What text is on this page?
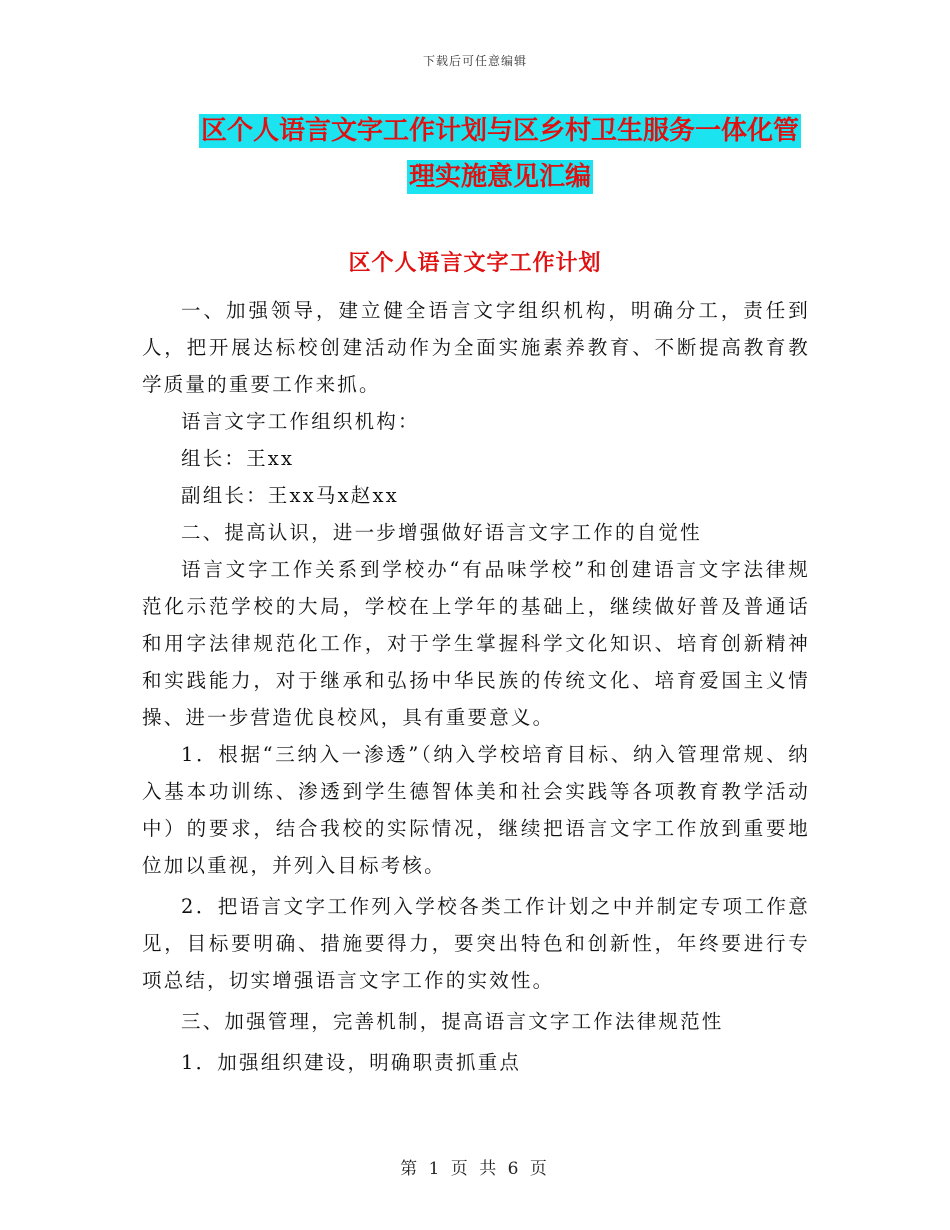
下载后可任意编辑
区个人语言文字工作计划与区乡村卫生服务一体化管
理实施意见汇编
区个人语言文字工作计划

一、加强领导，建立健全语言文字组织机构，明确分工，责任到人，把开展达标校创建活动作为全面实施素养教育、不断提高教育教学质量的重要工作来抓。

语言文字工作组织机构：

组长：王xx

副组长：王xx马x赵xx

二、提高认识，进一步增强做好语言文字工作的自觉性

语言文字工作关系到学校办“有品味学校”和创建语言文字法律规范化示范学校的大局，学校在上学年的基础上，继续做好普及普通话和用字法律规范化工作，对于学生掌握科学文化知识、培育创新精神和实践能力，对于继承和弘扬中华民族的传统文化、培育爱国主义情操、进一步营造优良校风，具有重要意义。

1．根据“三纳入一渗透”（纳入学校培育目标、纳入管理常规、纳入基本功训练、渗透到学生德智体美和社会实践等各项教育教学活动中）的要求，结合我校的实际情况，继续把语言文字工作放到重要地位加以重视，并列入目标考核。

2．把语言文字工作列入学校各类工作计划之中并制定专项工作意见，目标要明确、措施要得力，要突出特色和创新性，年终要进行专项总结，切实增强语言文字工作的实效性。

三、加强管理，完善机制，提高语言文字工作法律规范性

1．加强组织建设，明确职责抓重点

第 1 页 共 6 页
